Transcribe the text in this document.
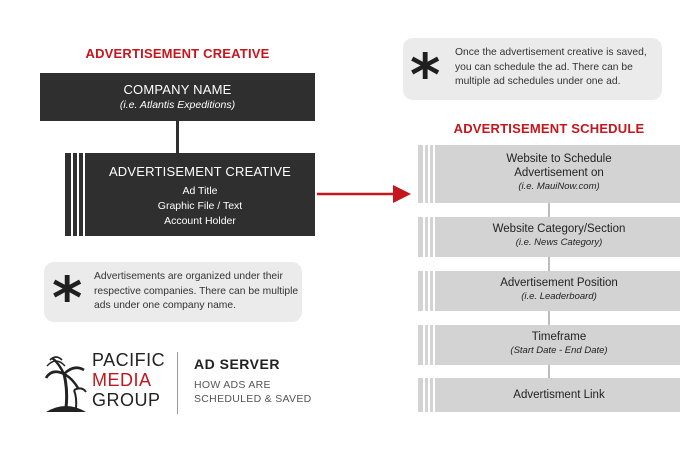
ADVERTISEMENT CREATIVE
COMPANY NAME
(i.e. Atlantis Expeditions)
ADVERTISEMENT CREATIVE
Ad Title
Graphic File / Text
Account Holder
* Advertisements are organized under their respective companies. There can be multiple ads under one company name.
* Once the advertisement creative is saved, you can schedule the ad. There can be multiple ad schedules under one ad.
ADVERTISEMENT SCHEDULE
Website to Schedule Advertisement on
(i.e. MauiNow.com)
Website Category/Section
(i.e. News Category)
Advertisement Position
(i.e. Leaderboard)
Timeframe
(Start Date - End Date)
Advertisment Link
PACIFIC
MEDIA
GROUP
AD SERVER
HOW ADS ARE
SCHEDULED & SAVED
